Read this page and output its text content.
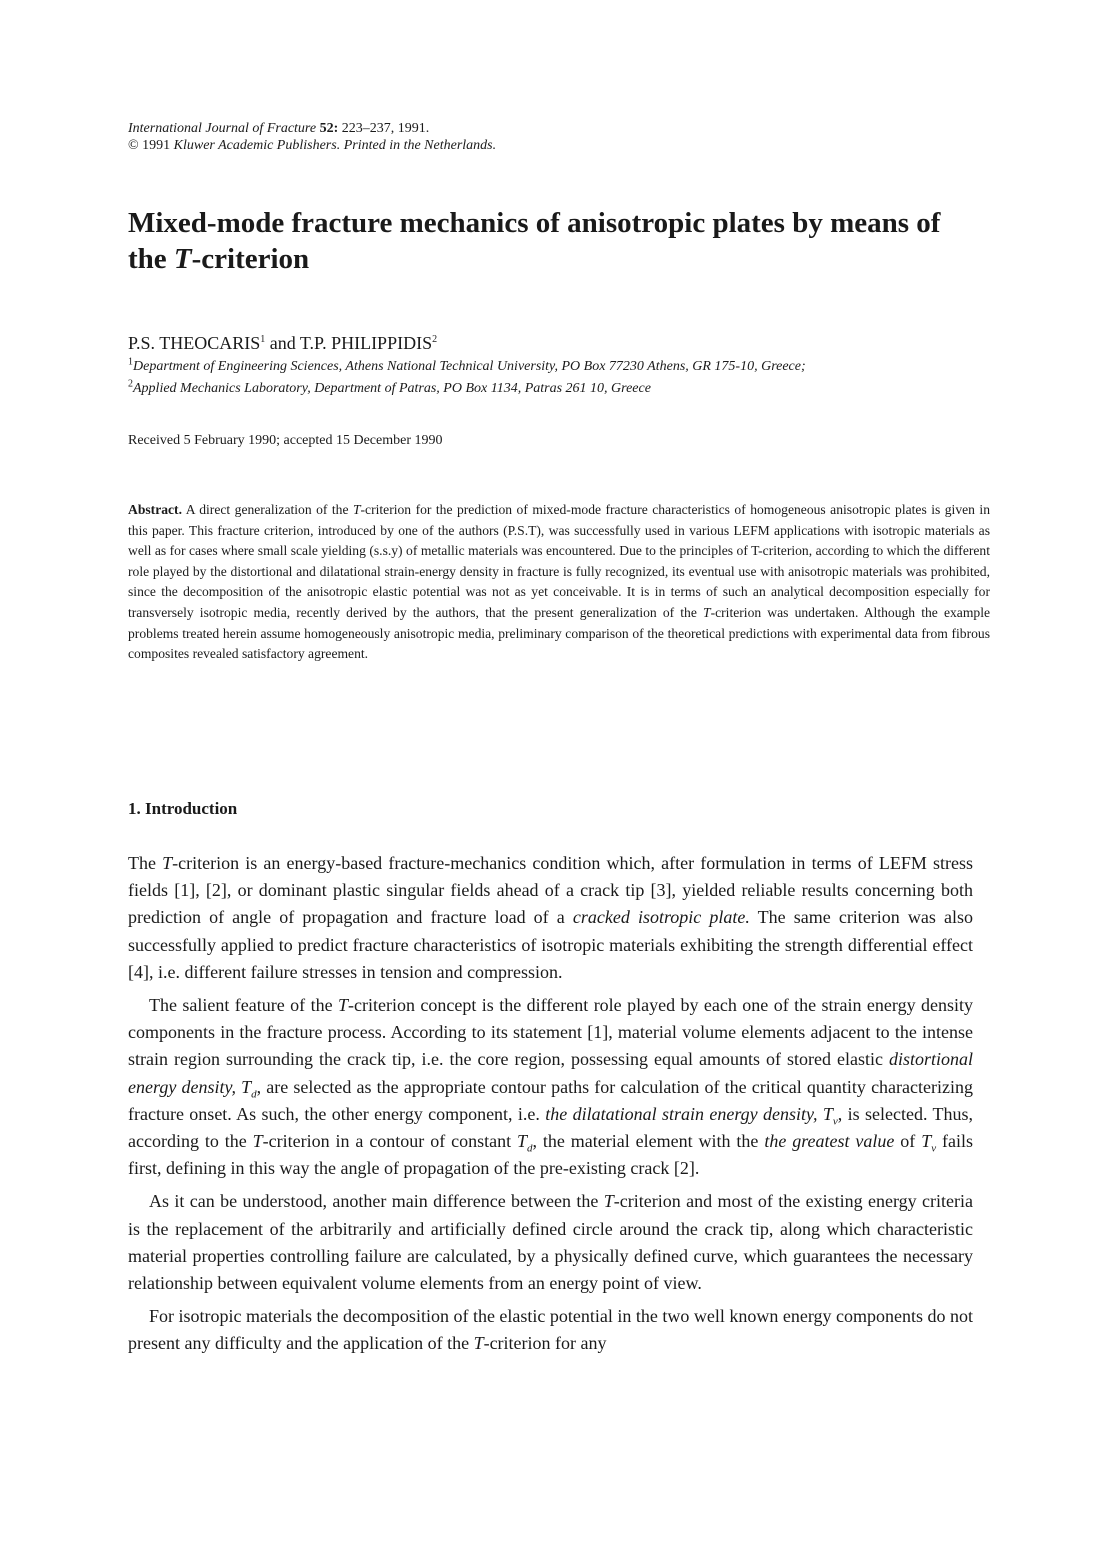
International Journal of Fracture 52: 223–237, 1991.
© 1991 Kluwer Academic Publishers. Printed in the Netherlands.
Mixed-mode fracture mechanics of anisotropic plates by means of
the T-criterion
P.S. THEOCARIS$^1$ and T.P. PHILIPPIDIS$^2$
$^1$Department of Engineering Sciences, Athens National Technical University, PO Box 77230 Athens, GR 175-10, Greece;
$^2$Applied Mechanics Laboratory, Department of Patras, PO Box 1134, Patras 261 10, Greece
Received 5 February 1990; accepted 15 December 1990

Abstract. A direct generalization of the T-criterion for the prediction of mixed-mode fracture characteristics of homogeneous anisotropic plates is given in this paper. This fracture criterion, introduced by one of the authors (P.S.T), was successfully used in various LEFM applications with isotropic materials as well as for cases where small scale yielding (s.s.y) of metallic materials was encountered. Due to the principles of T-criterion, according to which the different role played by the distortional and dilatational strain-energy density in fracture is fully recognized, its eventual use with anisotropic materials was prohibited, since the decomposition of the anisotropic elastic potential was not as yet conceivable. It is in terms of such an analytical decomposition especially for transversely isotropic media, recently derived by the authors, that the present generalization of the T-criterion was undertaken. Although the example problems treated herein assume homogeneously anisotropic media, preliminary comparison of the theoretical predictions with experimental data from fibrous composites revealed satisfactory agreement.

1. Introduction

The T-criterion is an energy-based fracture-mechanics condition which, after formulation in terms of LEFM stress fields [1], [2], or dominant plastic singular fields ahead of a crack tip [3], yielded reliable results concerning both prediction of angle of propagation and fracture load of a cracked isotropic plate. The same criterion was also successfully applied to predict fracture characteristics of isotropic materials exhibiting the strength differential effect [4], i.e. different failure stresses in tension and compression.

The salient feature of the T-criterion concept is the different role played by each one of the strain energy density components in the fracture process. According to its statement [1], material volume elements adjacent to the intense strain region surrounding the crack tip, i.e. the core region, possessing equal amounts of stored elastic distortional energy density, $T_d$, are selected as the appropriate contour paths for calculation of the critical quantity characterizing fracture onset. As such, the other energy component, i.e. the dilatational strain energy density, $T_v$, is selected. Thus, according to the T-criterion in a contour of constant $T_d$, the material element with the the greatest value of $T_v$ fails first, defining in this way the angle of propagation of the pre-existing crack [2].

As it can be understood, another main difference between the T-criterion and most of the existing energy criteria is the replacement of the arbitrarily and artificially defined circle around the crack tip, along which characteristic material properties controlling failure are calculated, by a physically defined curve, which guarantees the necessary relationship between equivalent volume elements from an energy point of view.

For isotropic materials the decomposition of the elastic potential in the two well known energy components do not present any difficulty and the application of the T-criterion for any
